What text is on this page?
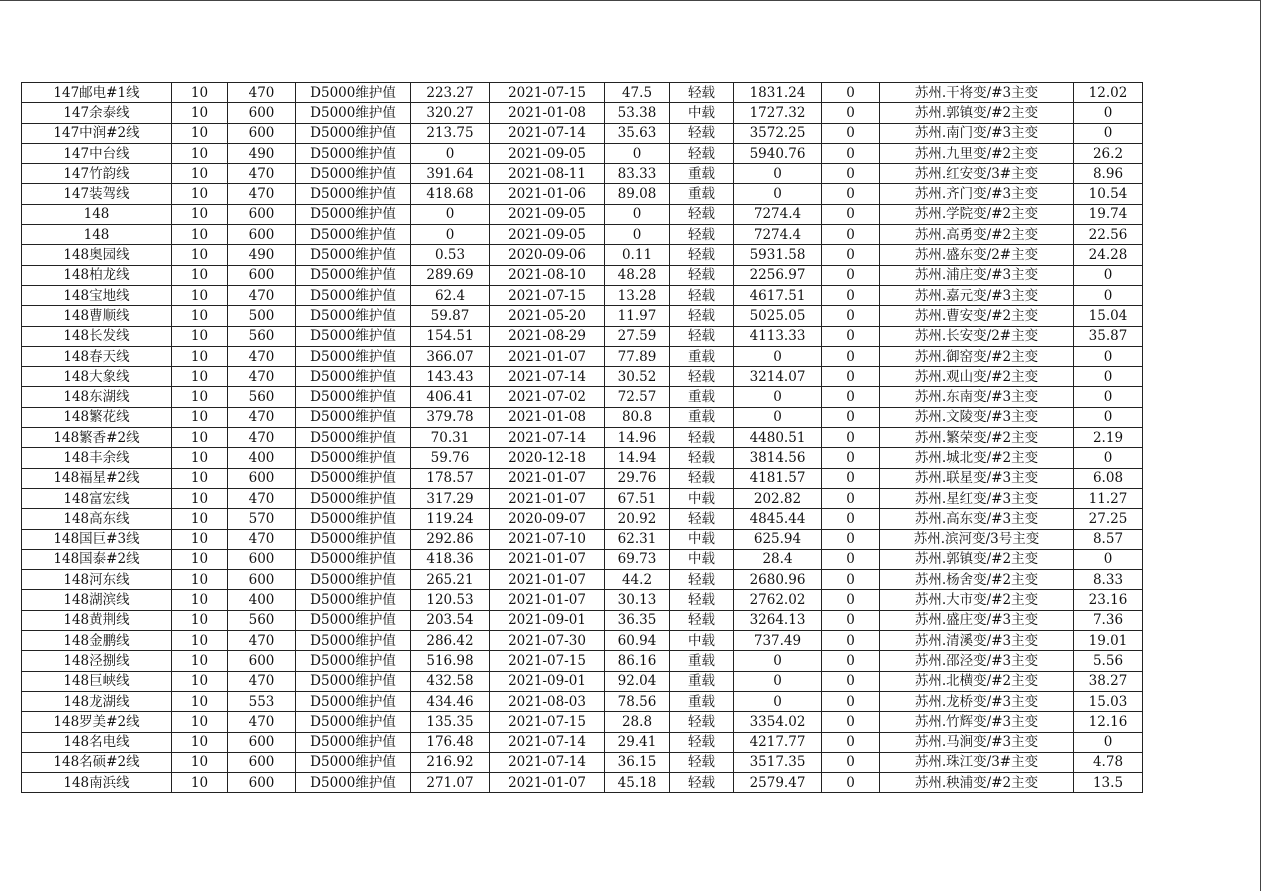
147邮电#1线	10	470	D5000维护值	223.27	2021-07-15	47.5	轻载	1831.24	0	苏州.干将变/#3主变	12.02
147余泰线	10	600	D5000维护值	320.27	2021-01-08	53.38	中载	1727.32	0	苏州.郭镇变/#2主变	0
147中润#2线	10	600	D5000维护值	213.75	2021-07-14	35.63	轻载	3572.25	0	苏州.南门变/#3主变	0
147中台线	10	490	D5000维护值	0	2021-09-05	0	轻载	5940.76	0	苏州.九里变/#2主变	26.2
147竹韵线	10	470	D5000维护值	391.64	2021-08-11	83.33	重载	0	0	苏州.红安变/3#主变	8.96
147装驾线	10	470	D5000维护值	418.68	2021-01-06	89.08	重载	0	0	苏州.齐门变/#3主变	10.54
148	10	600	D5000维护值	0	2021-09-05	0	轻载	7274.4	0	苏州.学院变/#2主变	19.74
148	10	600	D5000维护值	0	2021-09-05	0	轻载	7274.4	0	苏州.高勇变/#2主变	22.56
148奥园线	10	490	D5000维护值	0.53	2020-09-06	0.11	轻载	5931.58	0	苏州.盛东变/2#主变	24.28
148柏龙线	10	600	D5000维护值	289.69	2021-08-10	48.28	轻载	2256.97	0	苏州.浦庄变/#3主变	0
148宝地线	10	470	D5000维护值	62.4	2021-07-15	13.28	轻载	4617.51	0	苏州.嘉元变/#3主变	0
148曹顺线	10	500	D5000维护值	59.87	2021-05-20	11.97	轻载	5025.05	0	苏州.曹安变/#2主变	15.04
148长发线	10	560	D5000维护值	154.51	2021-08-29	27.59	轻载	4113.33	0	苏州.长安变/2#主变	35.87
148春天线	10	470	D5000维护值	366.07	2021-01-07	77.89	重载	0	0	苏州.御窑变/#2主变	0
148大象线	10	470	D5000维护值	143.43	2021-07-14	30.52	轻载	3214.07	0	苏州.观山变/#2主变	0
148东湖线	10	560	D5000维护值	406.41	2021-07-02	72.57	重载	0	0	苏州.东南变/#3主变	0
148繁花线	10	470	D5000维护值	379.78	2021-01-08	80.8	重载	0	0	苏州.文陵变/#3主变	0
148繁香#2线	10	470	D5000维护值	70.31	2021-07-14	14.96	轻载	4480.51	0	苏州.繁荣变/#2主变	2.19
148丰余线	10	400	D5000维护值	59.76	2020-12-18	14.94	轻载	3814.56	0	苏州.城北变/#2主变	0
148福星#2线	10	600	D5000维护值	178.57	2021-01-07	29.76	轻载	4181.57	0	苏州.联星变/#3主变	6.08
148富宏线	10	470	D5000维护值	317.29	2021-01-07	67.51	中载	202.82	0	苏州.星红变/#3主变	11.27
148高东线	10	570	D5000维护值	119.24	2020-09-07	20.92	轻载	4845.44	0	苏州.高东变/#3主变	27.25
148国巨#3线	10	470	D5000维护值	292.86	2021-07-10	62.31	中载	625.94	0	苏州.滨河变/3号主变	8.57
148国泰#2线	10	600	D5000维护值	418.36	2021-01-07	69.73	中载	28.4	0	苏州.郭镇变/#2主变	0
148河东线	10	600	D5000维护值	265.21	2021-01-07	44.2	轻载	2680.96	0	苏州.杨舍变/#2主变	8.33
148湖滨线	10	400	D5000维护值	120.53	2021-01-07	30.13	轻载	2762.02	0	苏州.大市变/#2主变	23.16
148黄荆线	10	560	D5000维护值	203.54	2021-09-01	36.35	轻载	3264.13	0	苏州.盛庄变/#3主变	7.36
148金鹏线	10	470	D5000维护值	286.42	2021-07-30	60.94	中载	737.49	0	苏州.清溪变/#3主变	19.01
148泾捌线	10	600	D5000维护值	516.98	2021-07-15	86.16	重载	0	0	苏州.邵泾变/#3主变	5.56
148巨峡线	10	470	D5000维护值	432.58	2021-09-01	92.04	重载	0	0	苏州.北横变/#2主变	38.27
148龙湖线	10	553	D5000维护值	434.46	2021-08-03	78.56	重载	0	0	苏州.龙桥变/#3主变	15.03
148罗美#2线	10	470	D5000维护值	135.35	2021-07-15	28.8	轻载	3354.02	0	苏州.竹辉变/#3主变	12.16
148名电线	10	600	D5000维护值	176.48	2021-07-14	29.41	轻载	4217.77	0	苏州.马涧变/#3主变	0
148名硕#2线	10	600	D5000维护值	216.92	2021-07-14	36.15	轻载	3517.35	0	苏州.珠江变/3#主变	4.78
148南浜线	10	600	D5000维护值	271.07	2021-01-07	45.18	轻载	2579.47	0	苏州.秧浦变/#2主变	13.5
